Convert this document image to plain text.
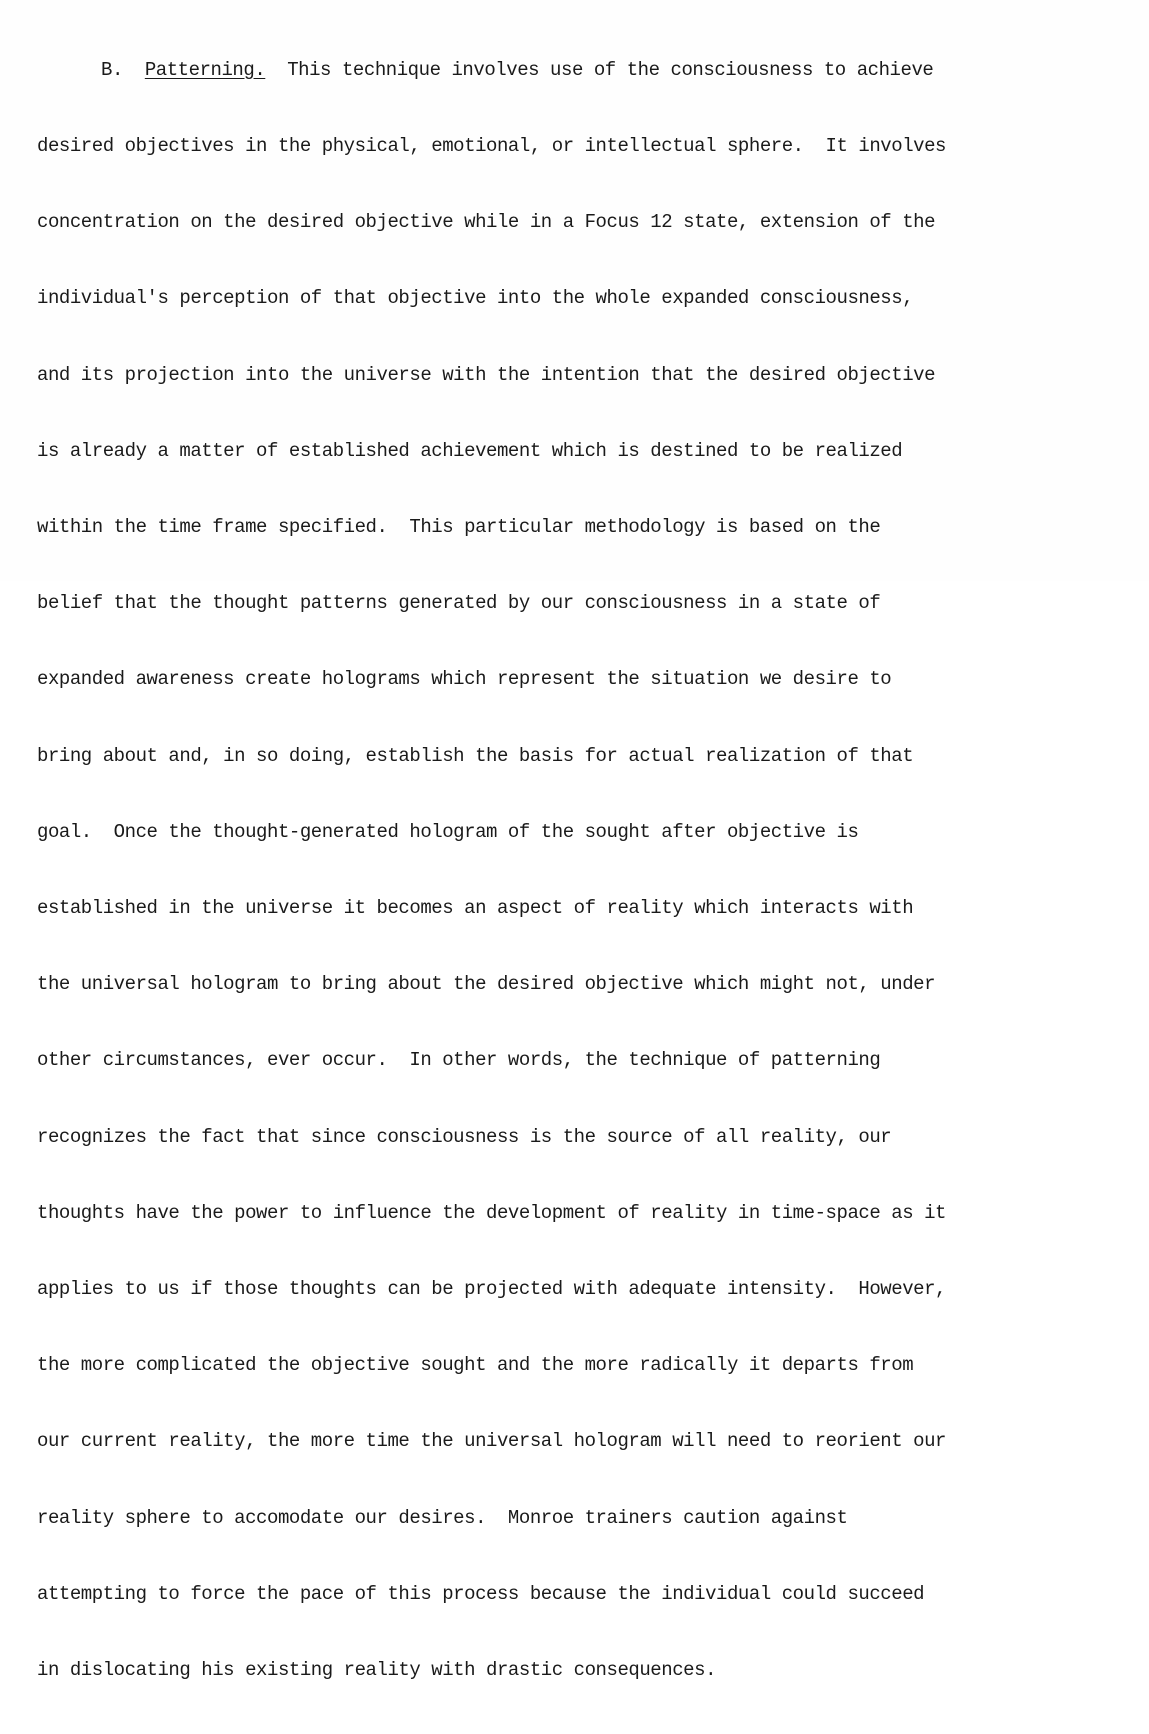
B. Patterning. This technique involves use of the consciousness to achieve

desired objectives in the physical, emotional, or intellectual sphere.  It involves

concentration on the desired objective while in a Focus 12 state, extension of the

individual's perception of that objective into the whole expanded consciousness,

and its projection into the universe with the intention that the desired objective

is already a matter of established achievement which is destined to be realized

within the time frame specified.  This particular methodology is based on the

belief that the thought patterns generated by our consciousness in a state of

expanded awareness create holograms which represent the situation we desire to

bring about and, in so doing, establish the basis for actual realization of that

goal.  Once the thought-generated hologram of the sought after objective is

established in the universe it becomes an aspect of reality which interacts with

the universal hologram to bring about the desired objective which might not, under

other circumstances, ever occur.  In other words, the technique of patterning

recognizes the fact that since consciousness is the source of all reality, our

thoughts have the power to influence the development of reality in time-space as it

applies to us if those thoughts can be projected with adequate intensity.  However,

the more complicated the objective sought and the more radically it departs from

our current reality, the more time the universal hologram will need to reorient our

reality sphere to accomodate our desires.  Monroe trainers caution against

attempting to force the pace of this process because the individual could succeed

in dislocating his existing reality with drastic consequences.
